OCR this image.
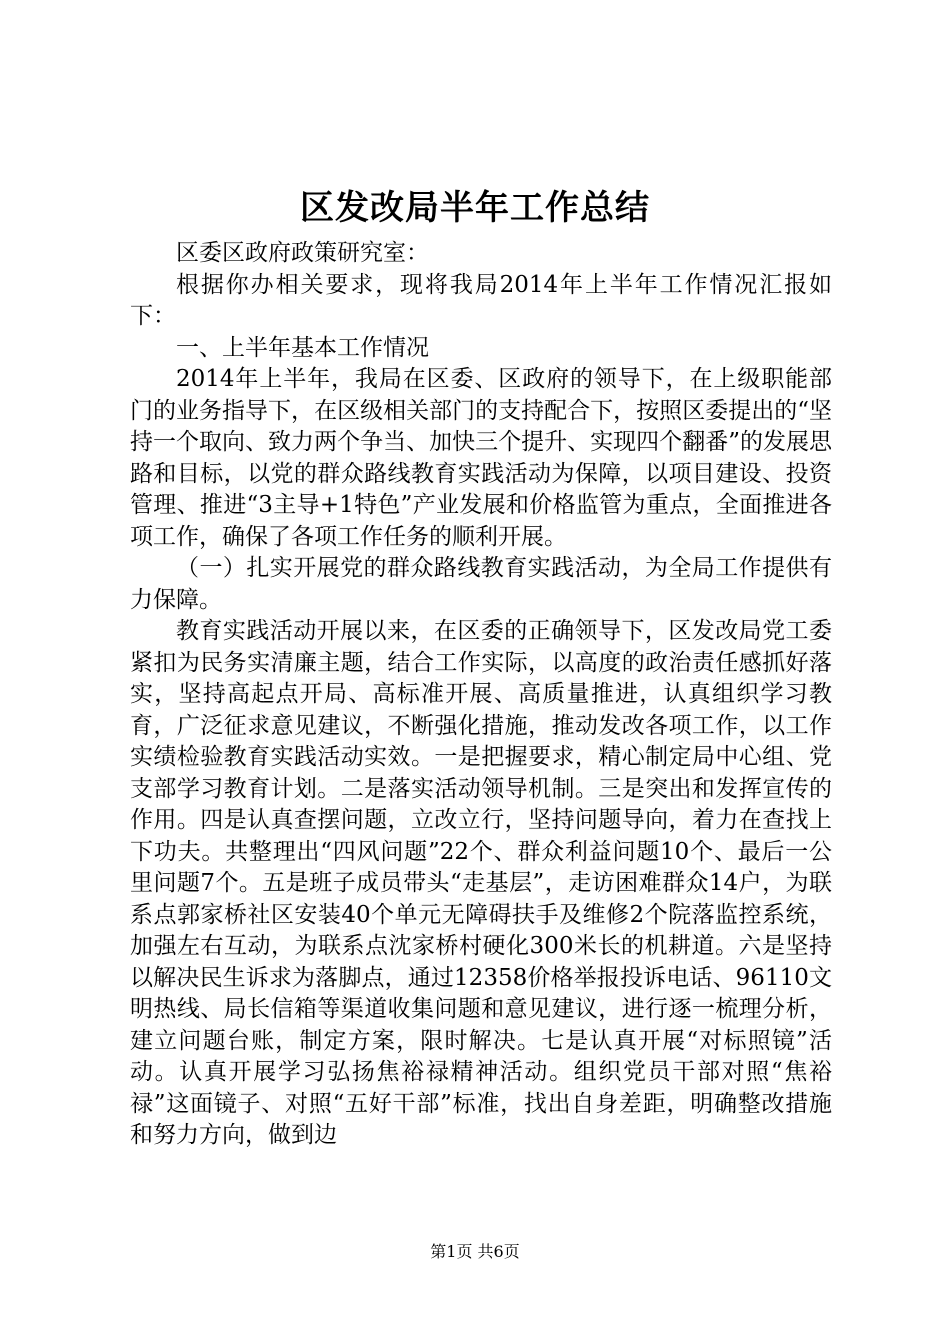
区发改局半年工作总结

区委区政府政策研究室：

根据你办相关要求，现将我局2014年上半年工作情况汇报如下：

一、上半年基本工作情况

2014年上半年，我局在区委、区政府的领导下，在上级职能部门的业务指导下，在区级相关部门的支持配合下，按照区委提出的“坚持一个取向、致力两个争当、加快三个提升、实现四个翻番”的发展思路和目标，以党的群众路线教育实践活动为保障，以项目建设、投资管理、推进“3主导+1特色”产业发展和价格监管为重点，全面推进各项工作，确保了各项工作任务的顺利开展。

（一）扎实开展党的群众路线教育实践活动，为全局工作提供有力保障。

教育实践活动开展以来，在区委的正确领导下，区发改局党工委紧扣为民务实清廉主题，结合工作实际，以高度的政治责任感抓好落实，坚持高起点开局、高标准开展、高质量推进，认真组织学习教育，广泛征求意见建议，不断强化措施，推动发改各项工作，以工作实绩检验教育实践活动实效。一是把握要求，精心制定局中心组、党支部学习教育计划。二是落实活动领导机制。三是突出和发挥宣传的作用。四是认真查摆问题，立改立行，坚持问题导向，着力在查找上下功夫。共整理出“四风问题”22个、群众利益问题10个、最后一公里问题7个。五是班子成员带头“走基层”，走访困难群众14户，为联系点郭家桥社区安装40个单元无障碍扶手及维修2个院落监控系统，加强左右互动，为联系点沈家桥村硬化300米长的机耕道。六是坚持以解决民生诉求为落脚点，通过12358价格举报投诉电话、96110文明热线、局长信箱等渠道收集问题和意见建议，进行逐一梳理分析，建立问题台账，制定方案，限时解决。七是认真开展“对标照镜”活动。认真开展学习弘扬焦裕禄精神活动。组织党员干部对照“焦裕禄”这面镜子、对照“五好干部”标准，找出自身差距，明确整改措施和努力方向，做到边

第1页 共6页
